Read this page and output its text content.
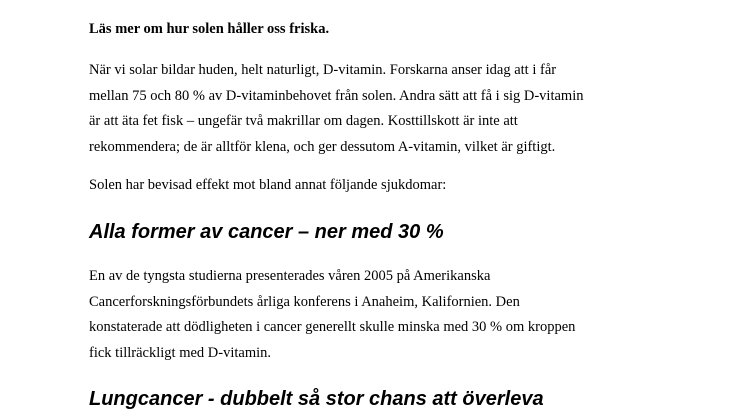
Läs mer om hur solen håller oss friska.

När vi solar bildar huden, helt naturligt, D-vitamin. Forskarna anser idag att i får
mellan 75 och 80 % av D-vitaminbehovet från solen. Andra sätt att få i sig D-vitamin
är att äta fet fisk – ungefär två makrillar om dagen. Kosttillskott är inte att
rekommendera; de är alltför klena, och ger dessutom A-vitamin, vilket är giftigt.

Solen har bevisad effekt mot bland annat följande sjukdomar:

Alla former av cancer – ner med 30 %

En av de tyngsta studierna presenterades våren 2005 på Amerikanska
Cancerforskningsförbundets årliga konferens i Anaheim, Kalifornien. Den
konstaterade att dödligheten i cancer generellt skulle minska med 30 % om kroppen
fick tillräckligt med D-vitamin.

Lungcancer - dubbelt så stor chans att överleva
